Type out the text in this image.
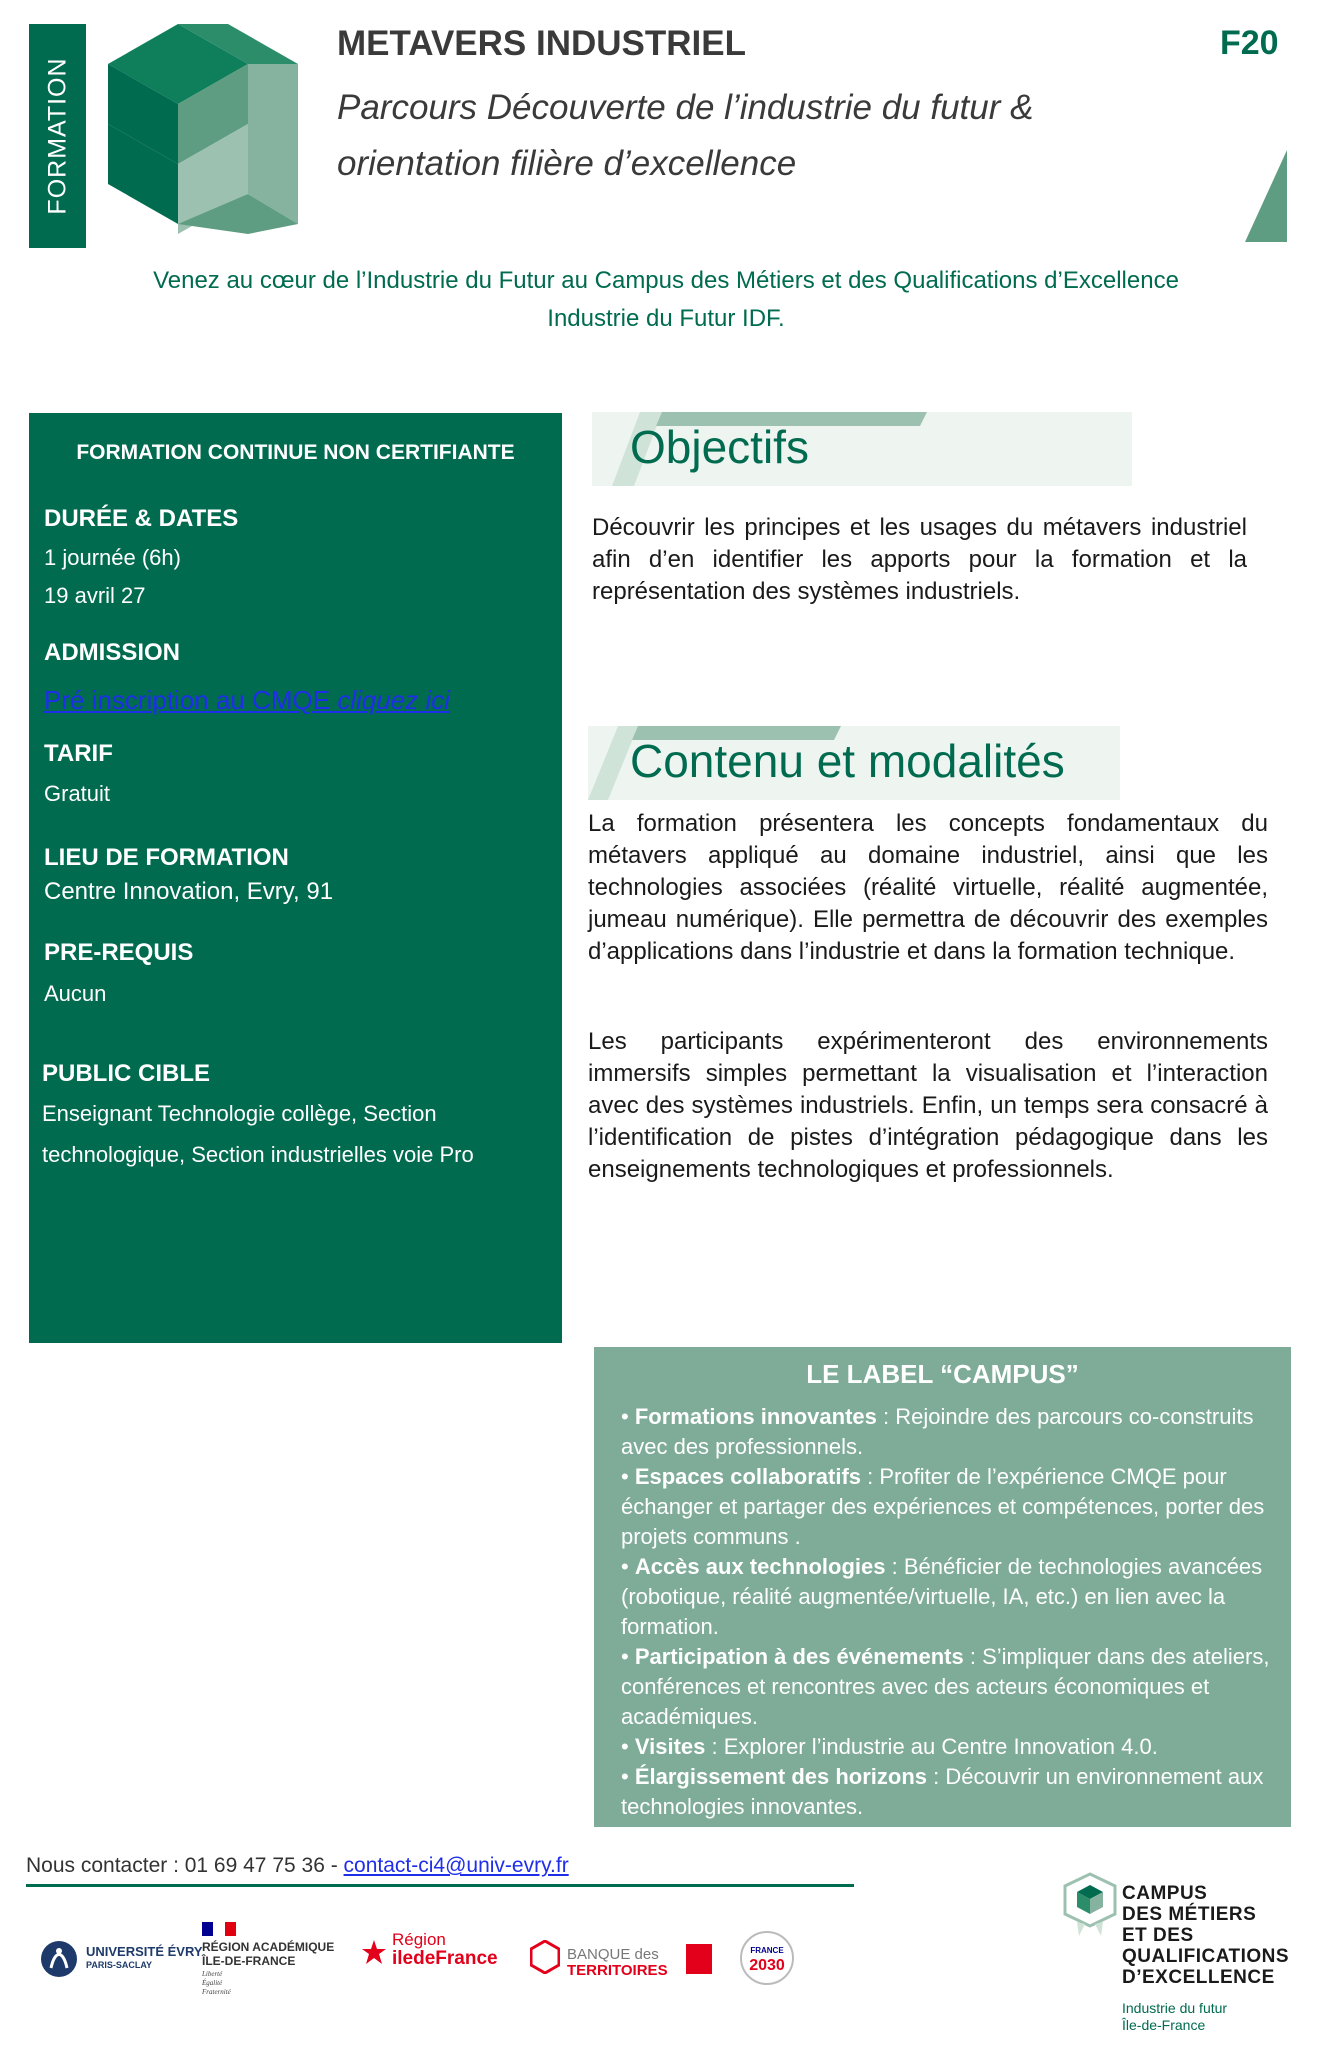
FORMATION
METAVERS INDUSTRIEL
Parcours Découverte de l’industrie du futur &
orientation filière d’excellence
F20
Venez au cœur de l’Industrie du Futur au Campus des Métiers et des Qualifications d’Excellence
Industrie du Futur IDF.
FORMATION CONTINUE NON CERTIFIANTE
DURÉE & DATES
1 journée (6h)
19 avril 27
ADMISSION
Pré inscription au CMQE cliquez ici
TARIF
Gratuit
LIEU DE FORMATION
Centre Innovation, Evry, 91
PRE-REQUIS
Aucun
PUBLIC CIBLE
Enseignant Technologie collège, Section
technologique, Section industrielles voie Pro
Objectifs
Découvrir les principes et les usages du métavers industriel afin d’en identifier les apports pour la formation et la représentation des systèmes industriels.
Contenu et modalités
La formation présentera les concepts fondamentaux du métavers appliqué au domaine industriel, ainsi que les technologies associées (réalité virtuelle, réalité augmentée, jumeau numérique). Elle permettra de découvrir des exemples d’applications dans l’industrie et dans la formation technique.
Les participants expérimenteront des environnements immersifs simples permettant la visualisation et l’interaction avec des systèmes industriels. Enfin, un temps sera consacré à l’identification de pistes d’intégration pédagogique dans les enseignements technologiques et professionnels.
LE LABEL “CAMPUS”
• Formations innovantes : Rejoindre des parcours co-construits avec des professionnels.
• Espaces collaboratifs : Profiter de l’expérience CMQE pour échanger et partager des expériences et compétences, porter des projets communs .
• Accès aux technologies : Bénéficier de technologies avancées (robotique, réalité augmentée/virtuelle, IA, etc.) en lien avec la formation.
• Participation à des événements : S’impliquer dans des ateliers, conférences et rencontres avec des acteurs économiques et académiques.
• Visites : Explorer l’industrie au Centre Innovation 4.0.
• Élargissement des horizons : Découvrir un environnement aux technologies innovantes.
Nous contacter : 01 69 47 75 36 - contact-ci4@univ-evry.fr
UNIVERSITÉ ÉVRY
PARIS-SACLAY
RÉGION ACADÉMIQUE
ÎLE-DE-FRANCE
Liberté Égalité Fraternité
Région
iledeFrance	BANQUE des
TERRITOIRES
FRANCE
2030
CAMPUS
DES MÉTIERS
ET DES
QUALIFICATIONS
D’EXCELLENCE
Industrie du futur
Île-de-France
